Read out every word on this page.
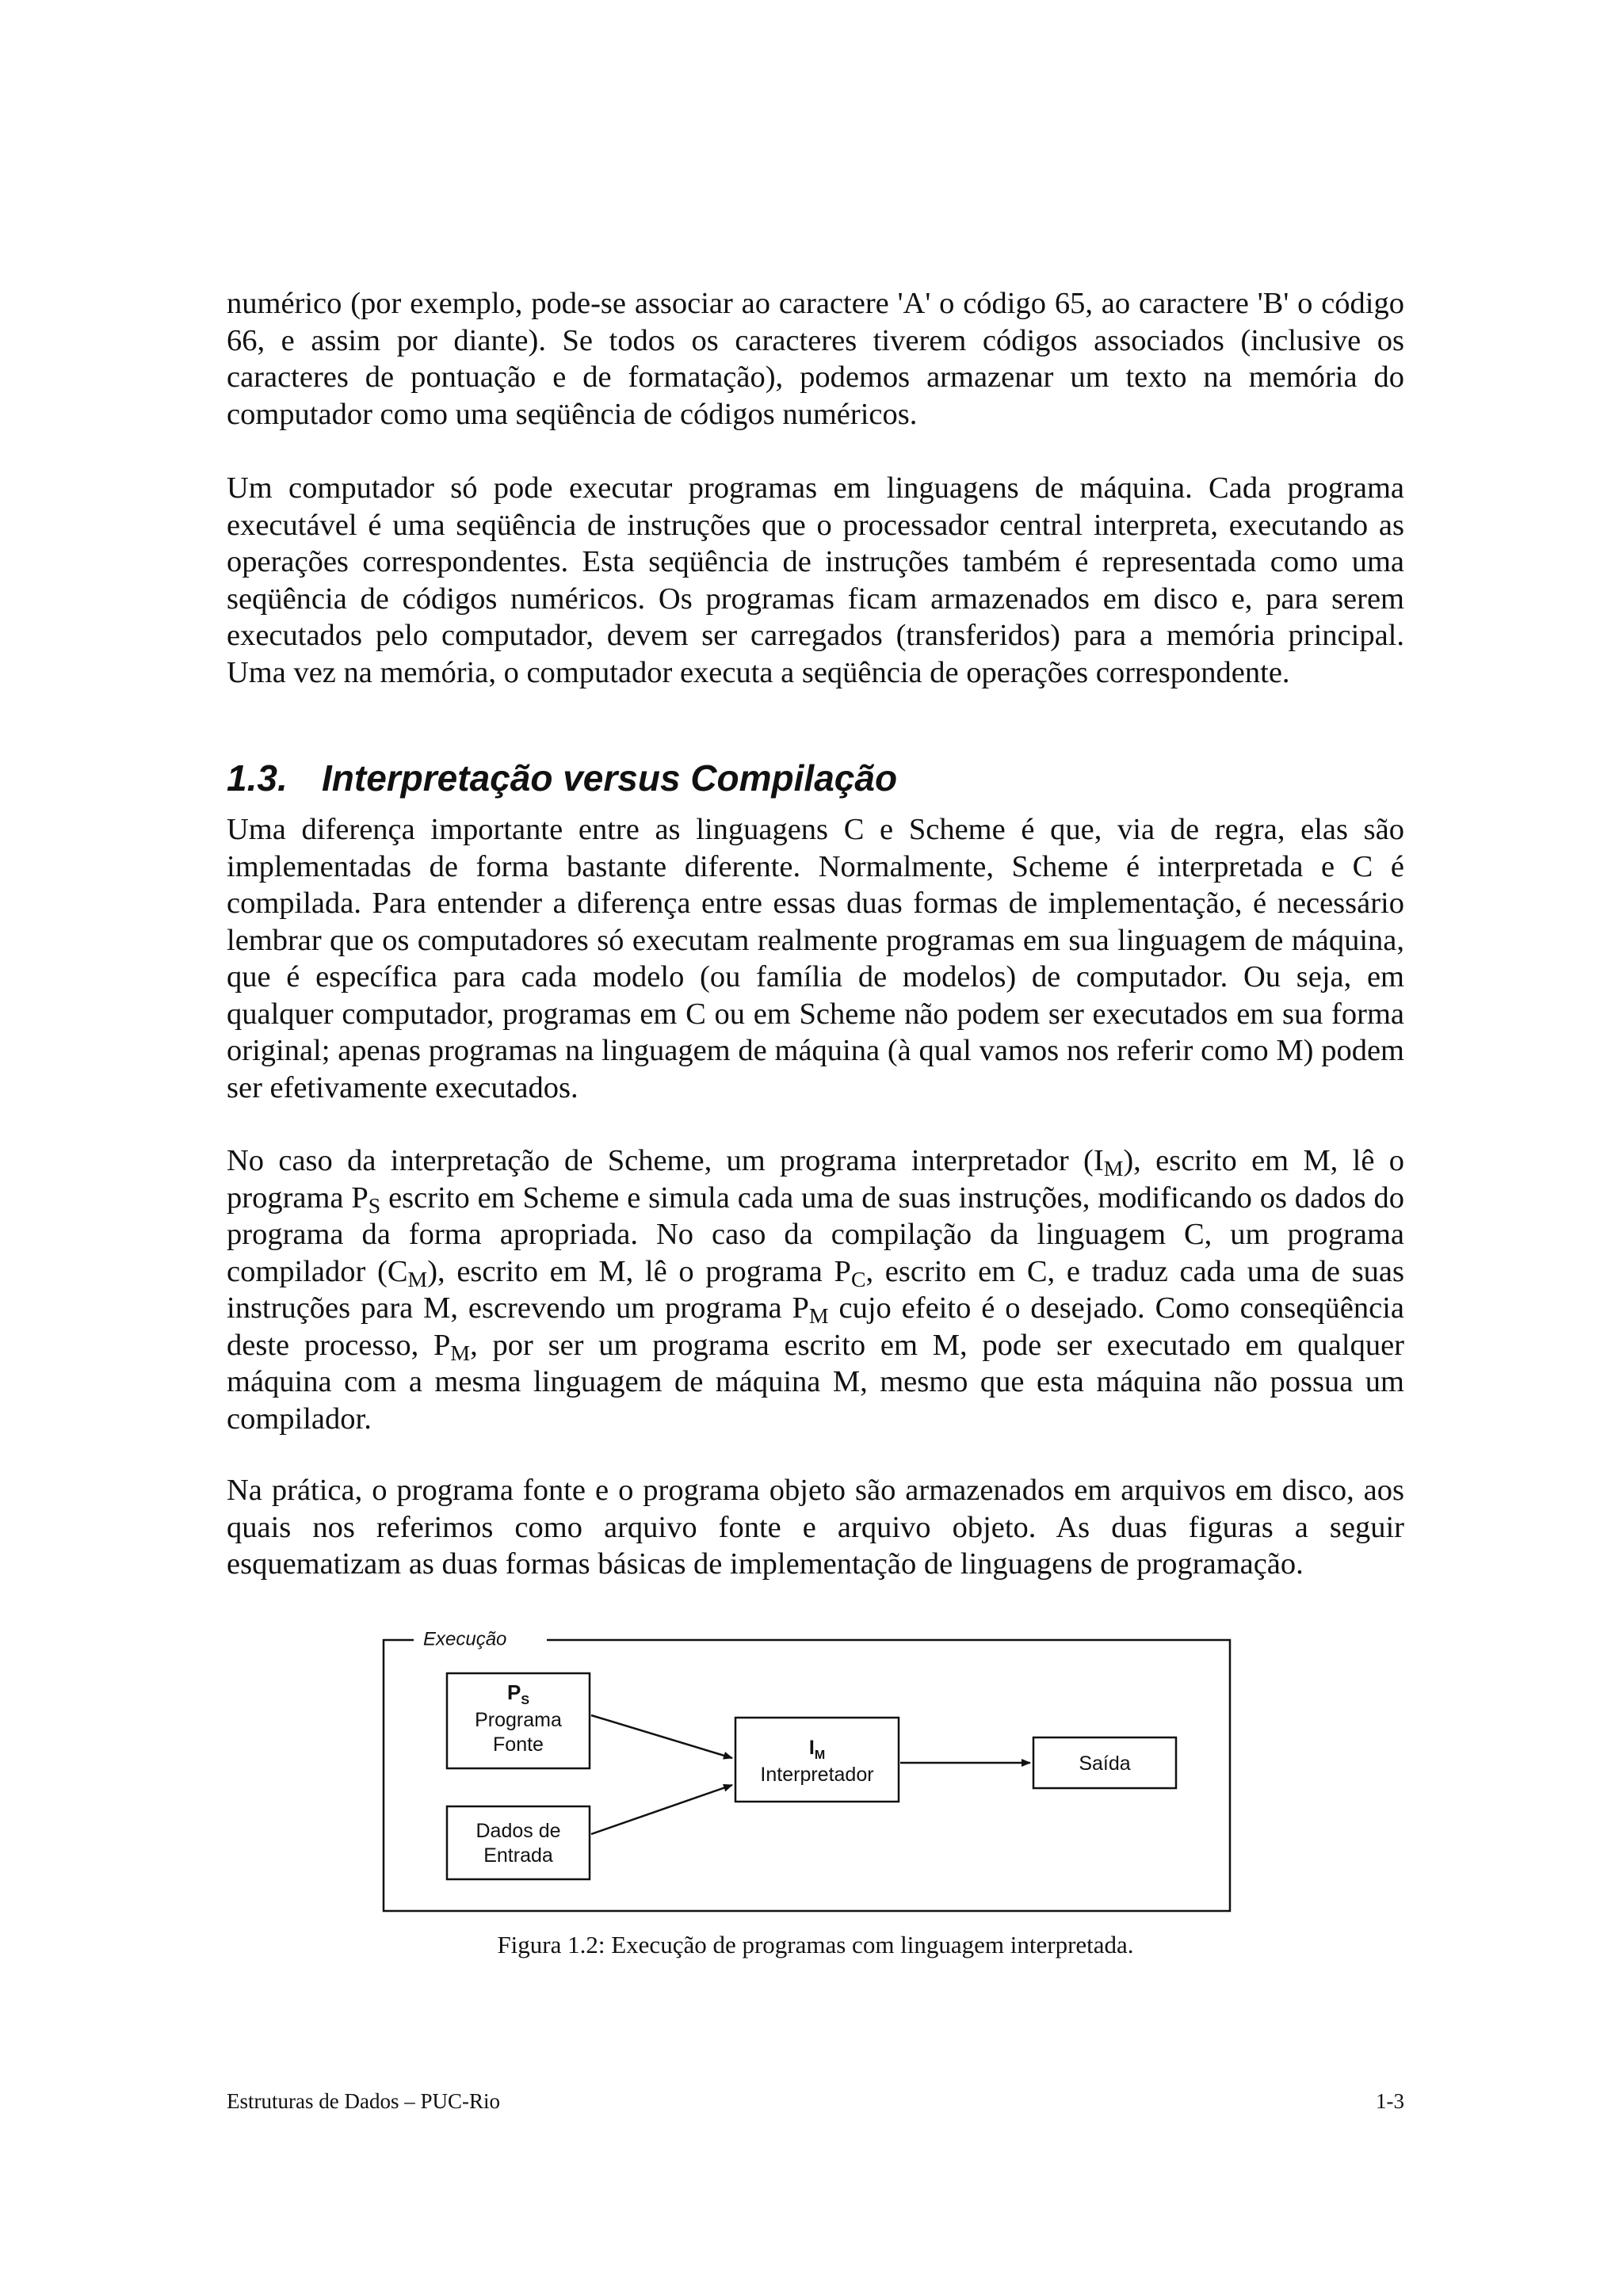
numérico (por exemplo, pode-se associar ao caractere 'A' o código 65, ao caractere 'B' o código 66, e assim por diante). Se todos os caracteres tiverem códigos associados (inclusive os caracteres de pontuação e de formatação), podemos armazenar um texto na memória do computador como uma seqüência de códigos numéricos.

Um computador só pode executar programas em linguagens de máquina. Cada programa executável é uma seqüência de instruções que o processador central interpreta, executando as operações correspondentes. Esta seqüência de instruções também é representada como uma seqüência de códigos numéricos. Os programas ficam armazenados em disco e, para serem executados pelo computador, devem ser carregados (transferidos) para a memória principal. Uma vez na memória, o computador executa a seqüência de operações correspondente.

1.3. Interpretação versus Compilação

Uma diferença importante entre as linguagens C e Scheme é que, via de regra, elas são implementadas de forma bastante diferente. Normalmente, Scheme é interpretada e C é compilada. Para entender a diferença entre essas duas formas de implementação, é necessário lembrar que os computadores só executam realmente programas em sua linguagem de máquina, que é específica para cada modelo (ou família de modelos) de computador. Ou seja, em qualquer computador, programas em C ou em Scheme não podem ser executados em sua forma original; apenas programas na linguagem de máquina (à qual vamos nos referir como M) podem ser efetivamente executados.

No caso da interpretação de Scheme, um programa interpretador $(I_M)$, escrito em M, lê o programa $P_S$ escrito em Scheme e simula cada uma de suas instruções, modificando os dados do programa da forma apropriada. No caso da compilação da linguagem C, um programa compilador $(C_M)$, escrito em M, lê o programa $P_C$, escrito em C, e traduz cada uma de suas instruções para M, escrevendo um programa $P_M$ cujo efeito é o desejado. Como conseqüência deste processo, $P_M$, por ser um programa escrito em M, pode ser executado em qualquer máquina com a mesma linguagem de máquina M, mesmo que esta máquina não possua um compilador.

Na prática, o programa fonte e o programa objeto são armazenados em arquivos em disco, aos quais nos referimos como arquivo fonte e arquivo objeto. As duas figuras a seguir esquematizam as duas formas básicas de implementação de linguagens de programação.

Execução
$P_S$
Programa
Fonte
Dados de
Entrada
$I_M$
Interpretador	Saída

Figura 1.2: Execução de programas com linguagem interpretada.

Estruturas de Dados – PUC-Rio	1-3
